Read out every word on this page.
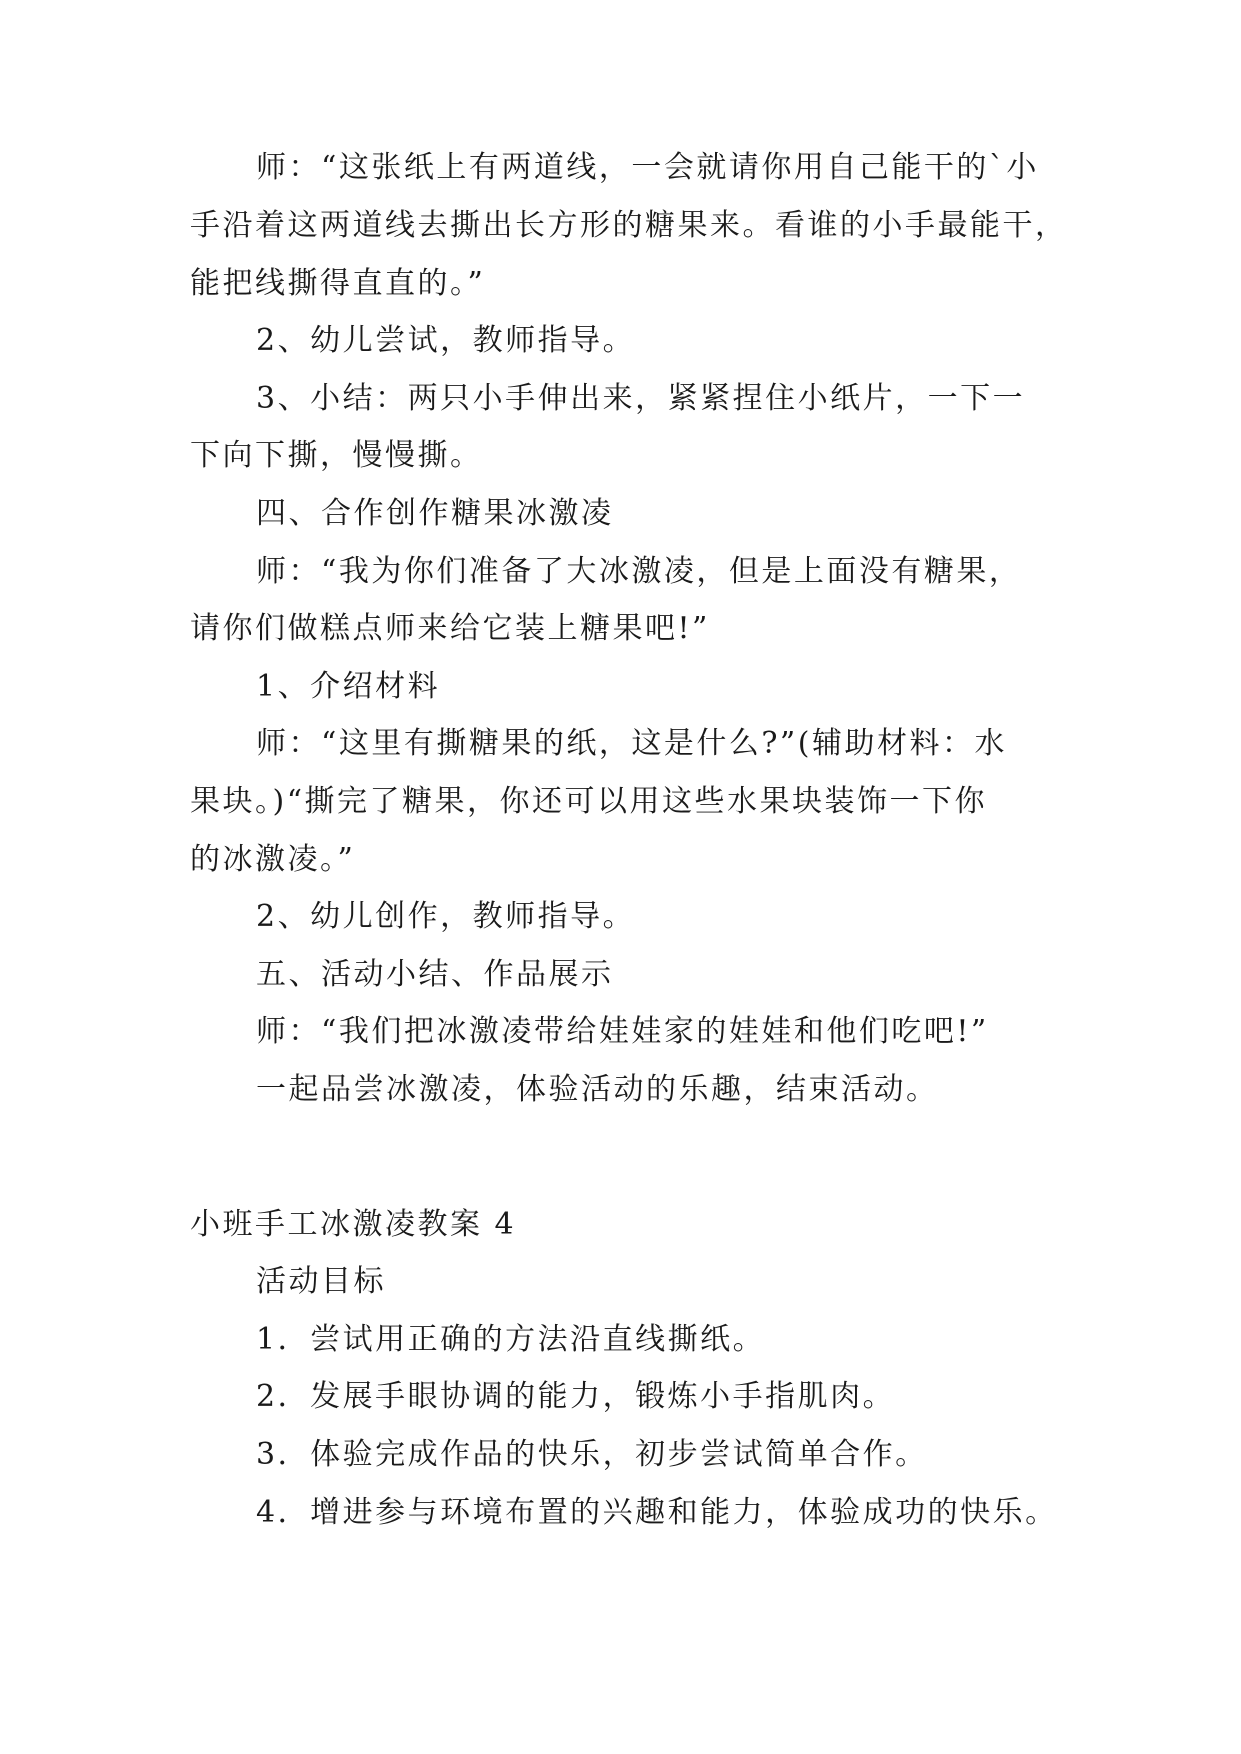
师：“这张纸上有两道线，一会就请你用自己能干的`小

手沿着这两道线去撕出长方形的糖果来。看谁的小手最能干，

能把线撕得直直的。”

2、幼儿尝试，教师指导。

3、小结：两只小手伸出来，紧紧捏住小纸片，一下一

下向下撕，慢慢撕。

四、合作创作糖果冰激凌

师：“我为你们准备了大冰激凌，但是上面没有糖果，

请你们做糕点师来给它装上糖果吧!”

1、介绍材料

师：“这里有撕糖果的纸，这是什么?”(辅助材料：水

果块。)“撕完了糖果，你还可以用这些水果块装饰一下你

的冰激凌。”

2、幼儿创作，教师指导。

五、活动小结、作品展示

师：“我们把冰激凌带给娃娃家的娃娃和他们吃吧!”

一起品尝冰激凌，体验活动的乐趣，结束活动。

小班手工冰激凌教案 4

活动目标

1．尝试用正确的方法沿直线撕纸。

2．发展手眼协调的能力，锻炼小手指肌肉。

3．体验完成作品的快乐，初步尝试简单合作。

4．增进参与环境布置的兴趣和能力，体验成功的快乐。
